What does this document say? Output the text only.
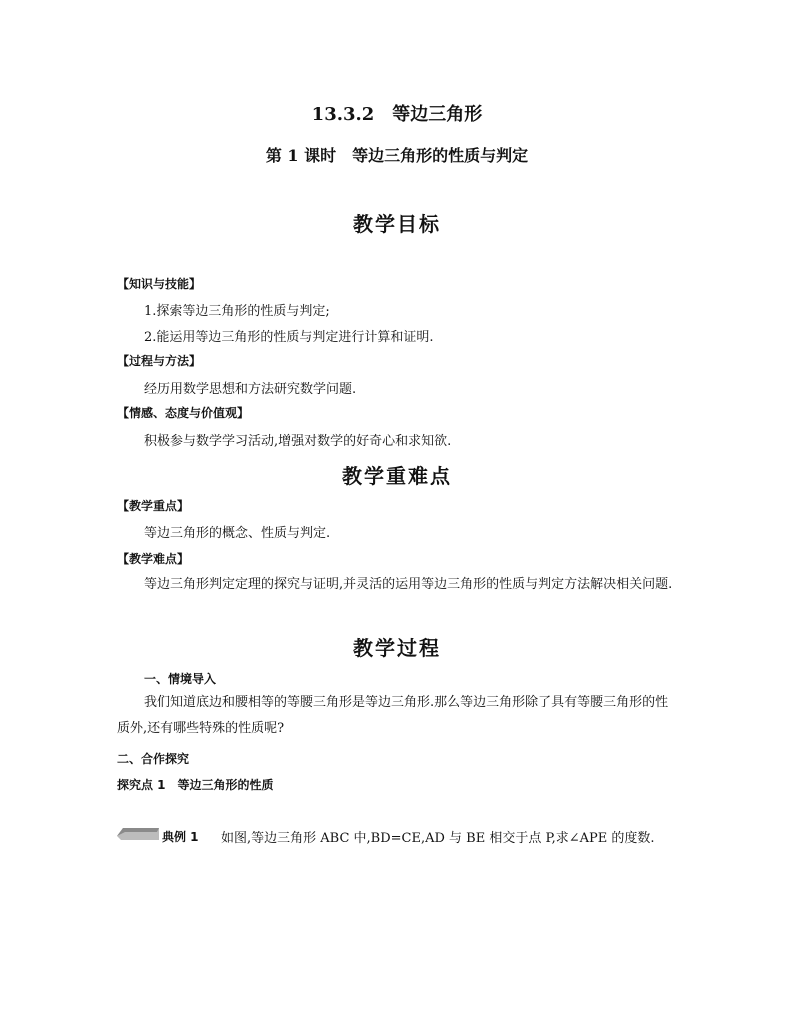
13.3.2　等边三角形
第 1 课时　等边三角形的性质与判定
教学目标
【知识与技能】
1.探索等边三角形的性质与判定;
2.能运用等边三角形的性质与判定进行计算和证明.
【过程与方法】
经历用数学思想和方法研究数学问题.
【情感、态度与价值观】
积极参与数学学习活动,增强对数学的好奇心和求知欲.
教学重难点
【教学重点】
等边三角形的概念、性质与判定.
【教学难点】
等边三角形判定定理的探究与证明,并灵活的运用等边三角形的性质与判定方法解决相关问题.
教学过程
一、情境导入
我们知道底边和腰相等的等腰三角形是等边三角形.那么等边三角形除了具有等腰三角形的性质外,还有哪些特殊的性质呢?
二、合作探究
探究点 1　等边三角形的性质
典例 1 　如图,等边三角形 ABC 中,BD=CE,AD 与 BE 相交于点 P,求∠APE 的度数.
